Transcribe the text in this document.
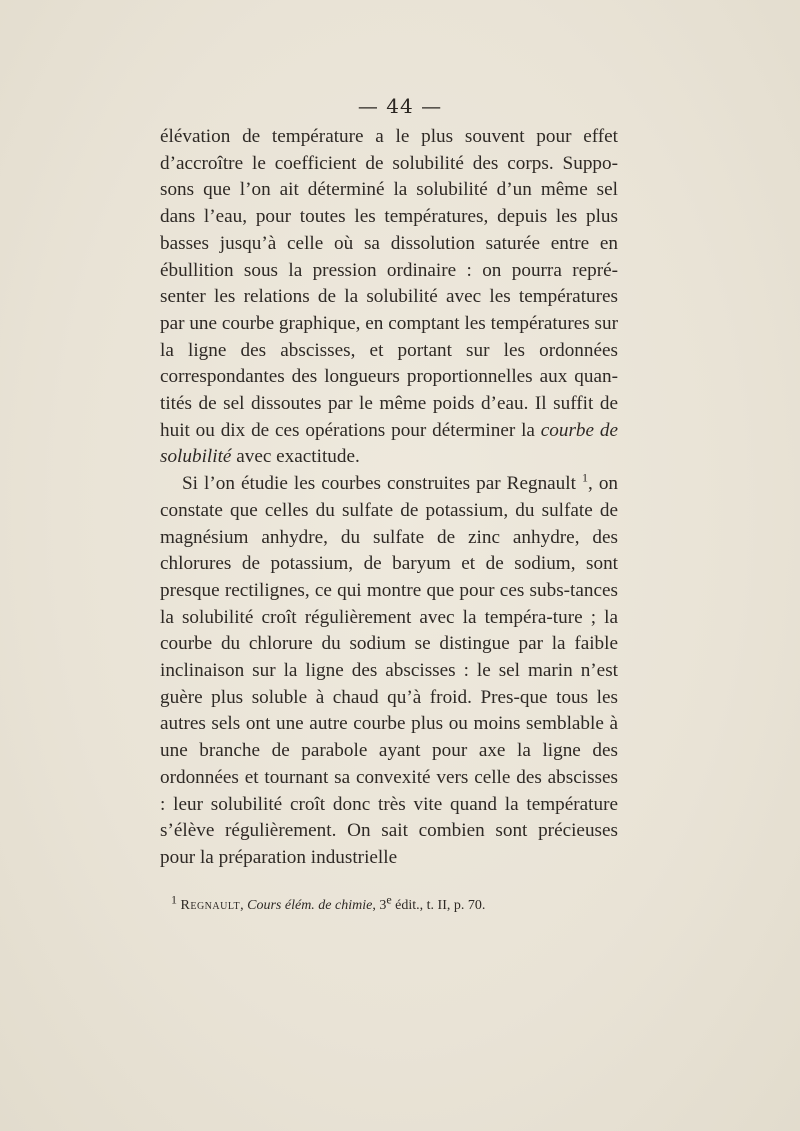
— 44 —

élévation de température a le plus souvent pour effet d’accroître le coefficient de solubilité des corps. Suppo-sons que l’on ait déterminé la solubilité d’un même sel dans l’eau, pour toutes les températures, depuis les plus basses jusqu’à celle où sa dissolution saturée entre en ébullition sous la pression ordinaire : on pourra repré-senter les relations de la solubilité avec les températures par une courbe graphique, en comptant les températures sur la ligne des abscisses, et portant sur les ordonnées correspondantes des longueurs proportionnelles aux quan-tités de sel dissoutes par le même poids d’eau. Il suffit de huit ou dix de ces opérations pour déterminer la courbe de solubilité avec exactitude.

Si l’on étudie les courbes construites par Regnault $^1$, on constate que celles du sulfate de potassium, du sulfate de magnésium anhydre, du sulfate de zinc anhydre, des chlorures de potassium, de baryum et de sodium, sont presque rectilignes, ce qui montre que pour ces subs-tances la solubilité croît régulièrement avec la tempéra-ture ; la courbe du chlorure du sodium se distingue par la faible inclinaison sur la ligne des abscisses : le sel marin n’est guère plus soluble à chaud qu’à froid. Pres-que tous les autres sels ont une autre courbe plus ou moins semblable à une branche de parabole ayant pour axe la ligne des ordonnées et tournant sa convexité vers celle des abscisses : leur solubilité croît donc très vite quand la température s’élève régulièrement. On sait combien sont précieuses pour la préparation industrielle

$^1$ Regnault, Cours élém. de chimie, 3e édit., t. II, p. 70.
